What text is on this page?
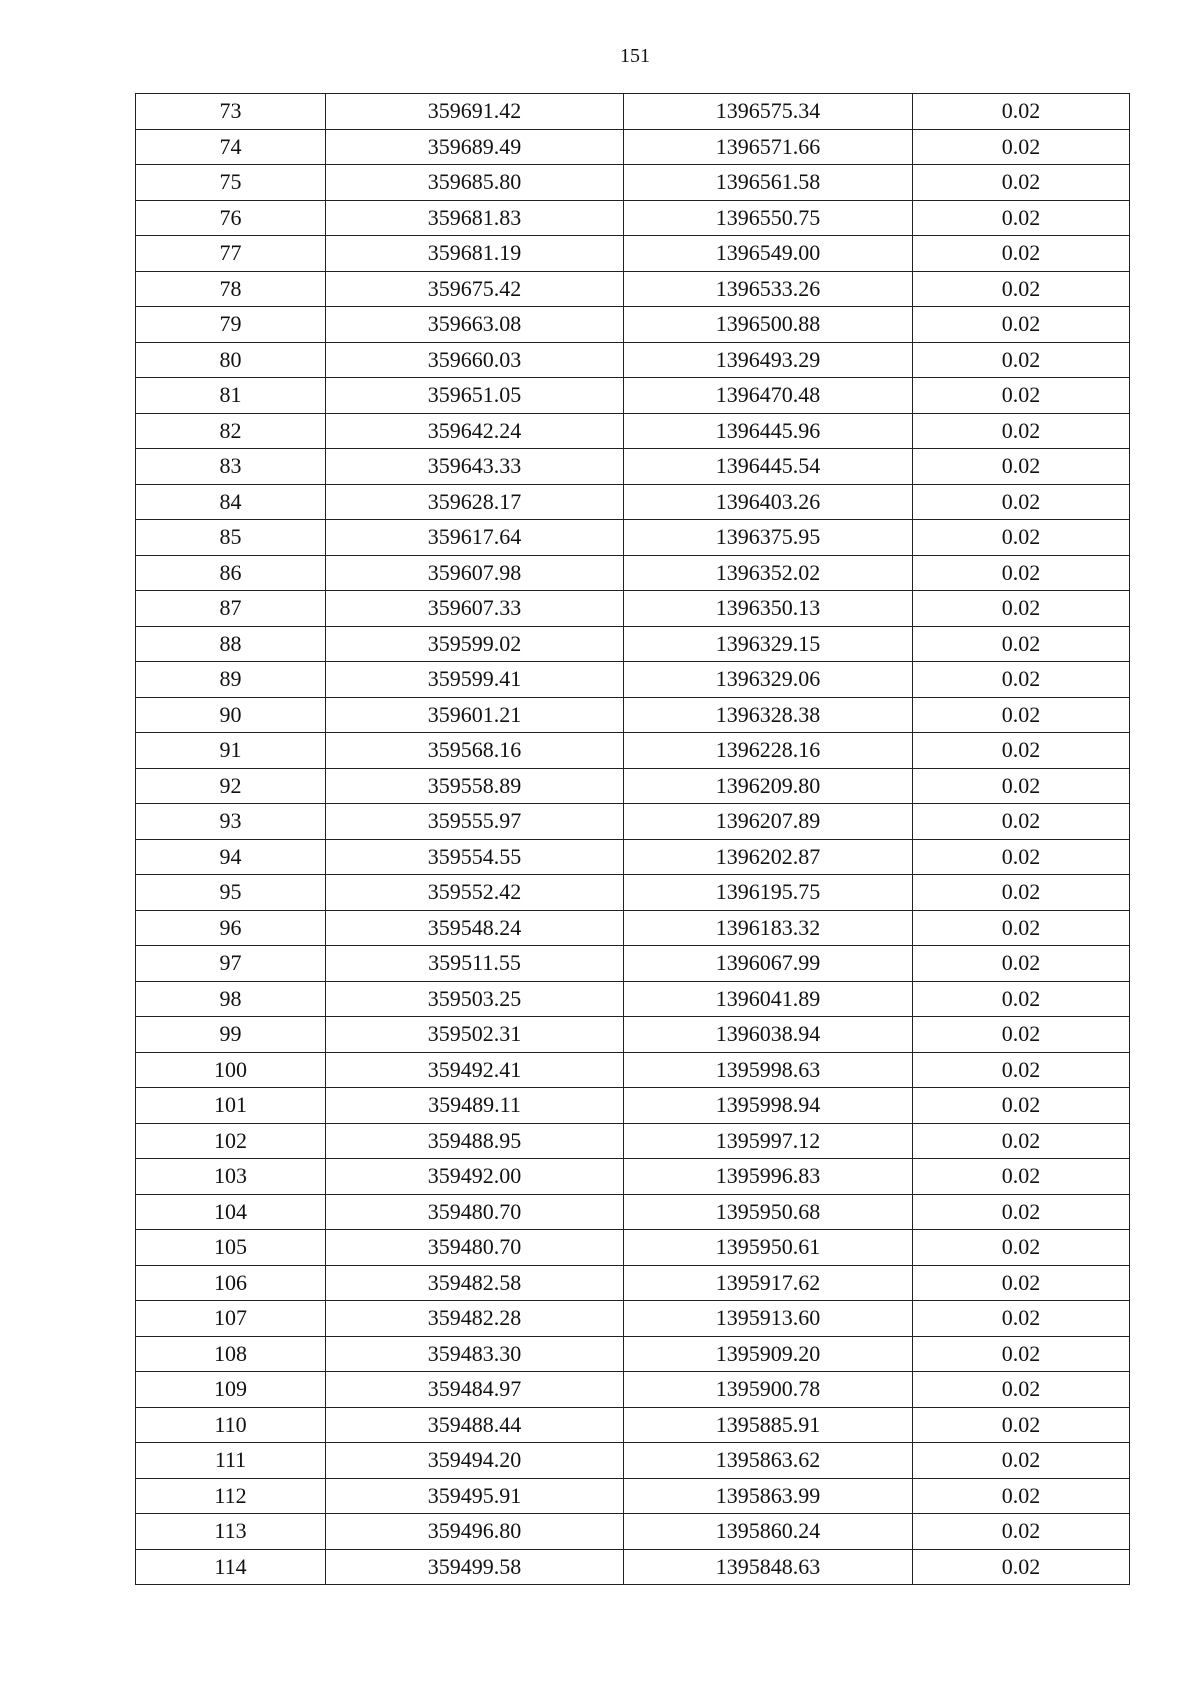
151
73	359691.42	1396575.34	0.02
74	359689.49	1396571.66	0.02
75	359685.80	1396561.58	0.02
76	359681.83	1396550.75	0.02
77	359681.19	1396549.00	0.02
78	359675.42	1396533.26	0.02
79	359663.08	1396500.88	0.02
80	359660.03	1396493.29	0.02
81	359651.05	1396470.48	0.02
82	359642.24	1396445.96	0.02
83	359643.33	1396445.54	0.02
84	359628.17	1396403.26	0.02
85	359617.64	1396375.95	0.02
86	359607.98	1396352.02	0.02
87	359607.33	1396350.13	0.02
88	359599.02	1396329.15	0.02
89	359599.41	1396329.06	0.02
90	359601.21	1396328.38	0.02
91	359568.16	1396228.16	0.02
92	359558.89	1396209.80	0.02
93	359555.97	1396207.89	0.02
94	359554.55	1396202.87	0.02
95	359552.42	1396195.75	0.02
96	359548.24	1396183.32	0.02
97	359511.55	1396067.99	0.02
98	359503.25	1396041.89	0.02
99	359502.31	1396038.94	0.02
100	359492.41	1395998.63	0.02
101	359489.11	1395998.94	0.02
102	359488.95	1395997.12	0.02
103	359492.00	1395996.83	0.02
104	359480.70	1395950.68	0.02
105	359480.70	1395950.61	0.02
106	359482.58	1395917.62	0.02
107	359482.28	1395913.60	0.02
108	359483.30	1395909.20	0.02
109	359484.97	1395900.78	0.02
110	359488.44	1395885.91	0.02
111	359494.20	1395863.62	0.02
112	359495.91	1395863.99	0.02
113	359496.80	1395860.24	0.02
114	359499.58	1395848.63	0.02
